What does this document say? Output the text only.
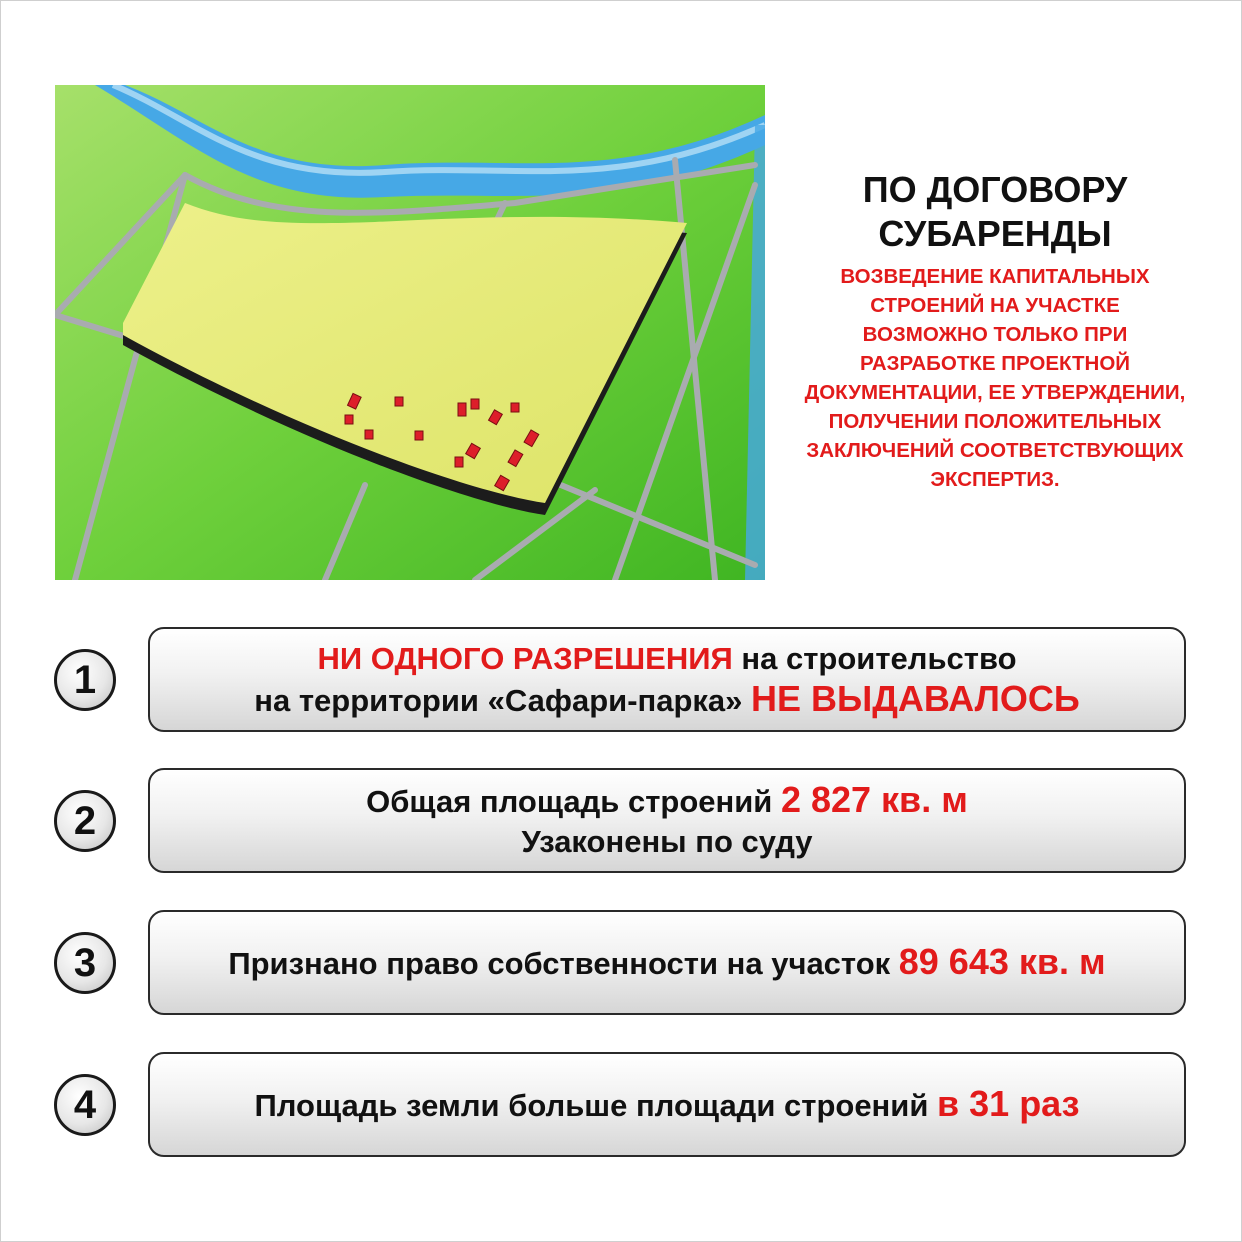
ПО ДОГОВОРУ
СУБАРЕНДЫ
ВОЗВЕДЕНИЕ КАПИТАЛЬНЫХ
СТРОЕНИЙ НА УЧАСТКЕ
ВОЗМОЖНО ТОЛЬКО ПРИ
РАЗРАБОТКЕ ПРОЕКТНОЙ
ДОКУМЕНТАЦИИ, ЕЕ УТВЕРЖДЕНИИ,
ПОЛУЧЕНИИ ПОЛОЖИТЕЛЬНЫХ
ЗАКЛЮЧЕНИЙ СООТВЕТСТВУЮЩИХ
ЭКСПЕРТИЗ.
1	НИ ОДНОГО РАЗРЕШЕНИЯ на строительство
на территории «Сафари-парка» НЕ ВЫДАВАЛОСЬ
2	Общая площадь строений 2 827 кв. м
Узаконены по суду
3	Признано право собственности на участок 89 643 кв. м
4	Площадь земли больше площади строений в 31 раз
